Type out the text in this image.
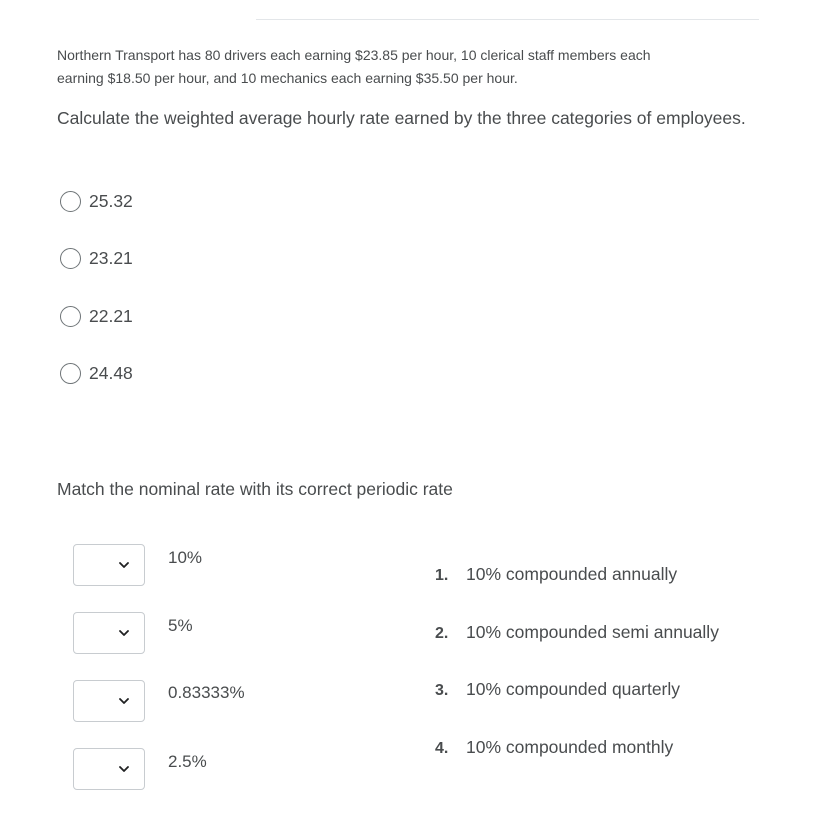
Northern Transport has 80 drivers each earning $23.85 per hour, 10 clerical staff members each
earning $18.50 per hour, and 10 mechanics each earning $35.50 per hour.

Calculate the weighted average hourly rate earned by the three categories of employees.

25.32
23.21
22.21
24.48

Match the nominal rate with its correct periodic rate

10%
5%
0.83333%
2.5%
1.	10% compounded annually
2.	10% compounded semi annually
3.	10% compounded quarterly
4.	10% compounded monthly
